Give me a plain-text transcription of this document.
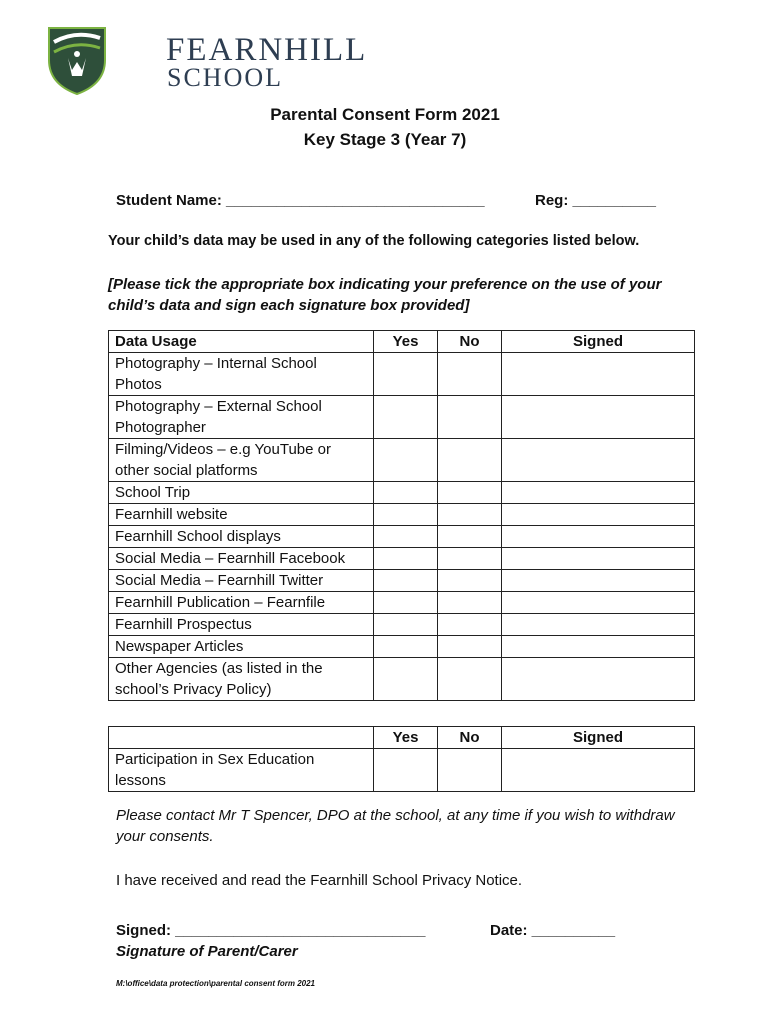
FEARNHILL
SCHOOL
Parental Consent Form 2021
Key Stage 3 (Year 7)
Student Name: _______________________________	Reg: __________
Your child’s data may be used in any of the following categories listed below.
[Please tick the appropriate box indicating your preference on the use of your child’s data and sign each signature box provided]
Data Usage	Yes	No	Signed
Photography – Internal School Photos			
Photography – External School Photographer			
Filming/Videos – e.g YouTube or other social platforms			
School Trip			
Fearnhill website			
Fearnhill School displays			
Social Media – Fearnhill Facebook			
Social Media – Fearnhill Twitter			
Fearnhill Publication – Fearnfile			
Fearnhill Prospectus			
Newspaper Articles			
Other Agencies (as listed in the school’s Privacy Policy)			
	Yes	No	Signed
Participation in Sex Education lessons			
Please contact Mr T Spencer, DPO at the school, at any time if you wish to withdraw your consents.
I have received and read the Fearnhill School Privacy Notice.
Signed: ______________________________	Date: __________
Signature of Parent/Carer
M:\office\data protection\parental consent form 2021
